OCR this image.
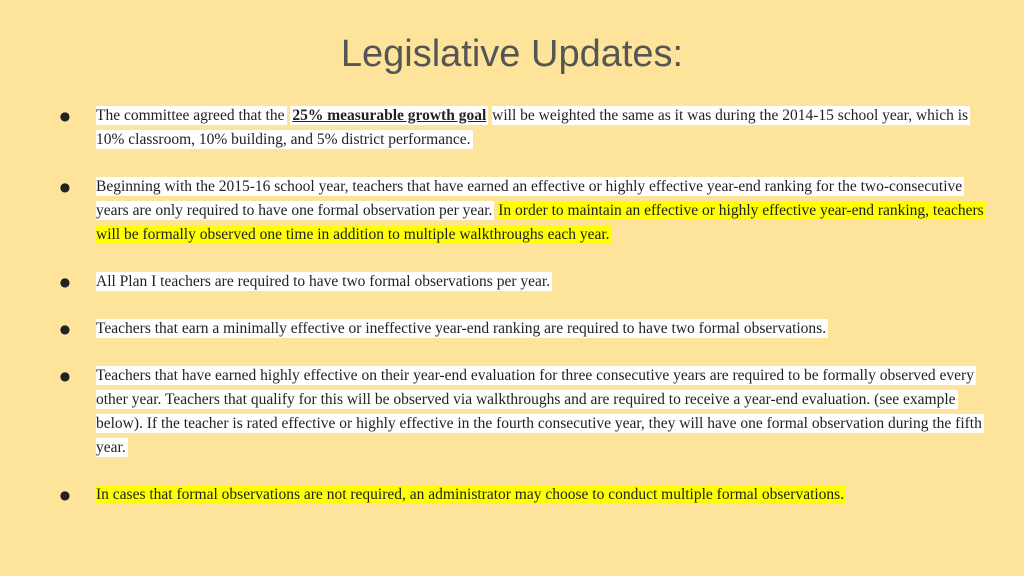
Legislative Updates:
● The committee agreed that the 25% measurable growth goal will be weighted the same as it was during the 2014-15 school year, which is 10% classroom, 10% building, and 5% district performance.
● Beginning with the 2015-16 school year, teachers that have earned an effective or highly effective year-end ranking for the two-consecutive years are only required to have one formal observation per year. In order to maintain an effective or highly effective year-end ranking, teachers will be formally observed one time in addition to multiple walkthroughs each year.
● All Plan I teachers are required to have two formal observations per year.
● Teachers that earn a minimally effective or ineffective year-end ranking are required to have two formal observations.
● Teachers that have earned highly effective on their year-end evaluation for three consecutive years are required to be formally observed every other year. Teachers that qualify for this will be observed via walkthroughs and are required to receive a year-end evaluation. (see example below). If the teacher is rated effective or highly effective in the fourth consecutive year, they will have one formal observation during the fifth year.
● In cases that formal observations are not required, an administrator may choose to conduct multiple formal observations.
